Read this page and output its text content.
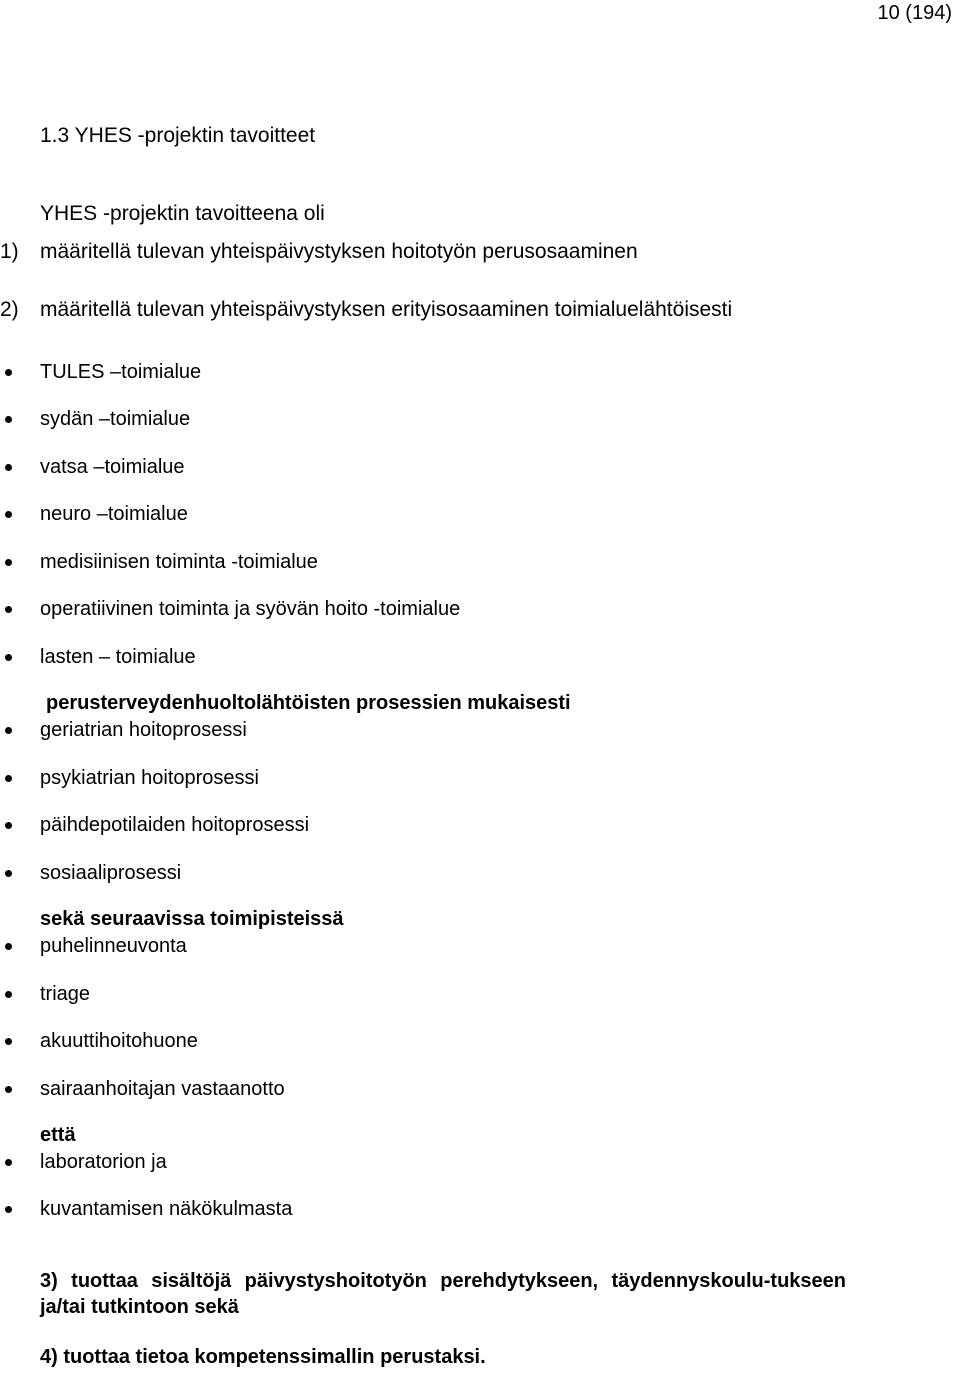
10 (194)
1.3 YHES -projektin tavoitteet
YHES -projektin tavoitteena oli
1) määritellä tulevan yhteispäivystyksen hoitotyön perusosaaminen
2) määritellä tulevan yhteispäivystyksen erityisosaaminen toimialuelähtöisesti
TULES –toimialue
sydän –toimialue
vatsa –toimialue
neuro –toimialue
medisiinisen toiminta -toimialue
operatiivinen toiminta ja syövän hoito -toimialue
lasten – toimialue
perusterveydenhuoltolähtöisten prosessien mukaisesti
geriatrian hoitoprosessi
psykiatrian hoitoprosessi
päihdepotilaiden hoitoprosessi
sosiaaliprosessi
sekä seuraavissa toimipisteissä
puhelinneuvonta
triage
akuuttihoitohuone
sairaanhoitajan vastaanotto
että
laboratorion ja
kuvantamisen näkökulmasta
3) tuottaa sisältöjä päivystyshoitotyön perehdytykseen, täydennyskoulu-tukseen ja/tai tutkintoon sekä
4) tuottaa tietoa kompetenssimallin perustaksi.
